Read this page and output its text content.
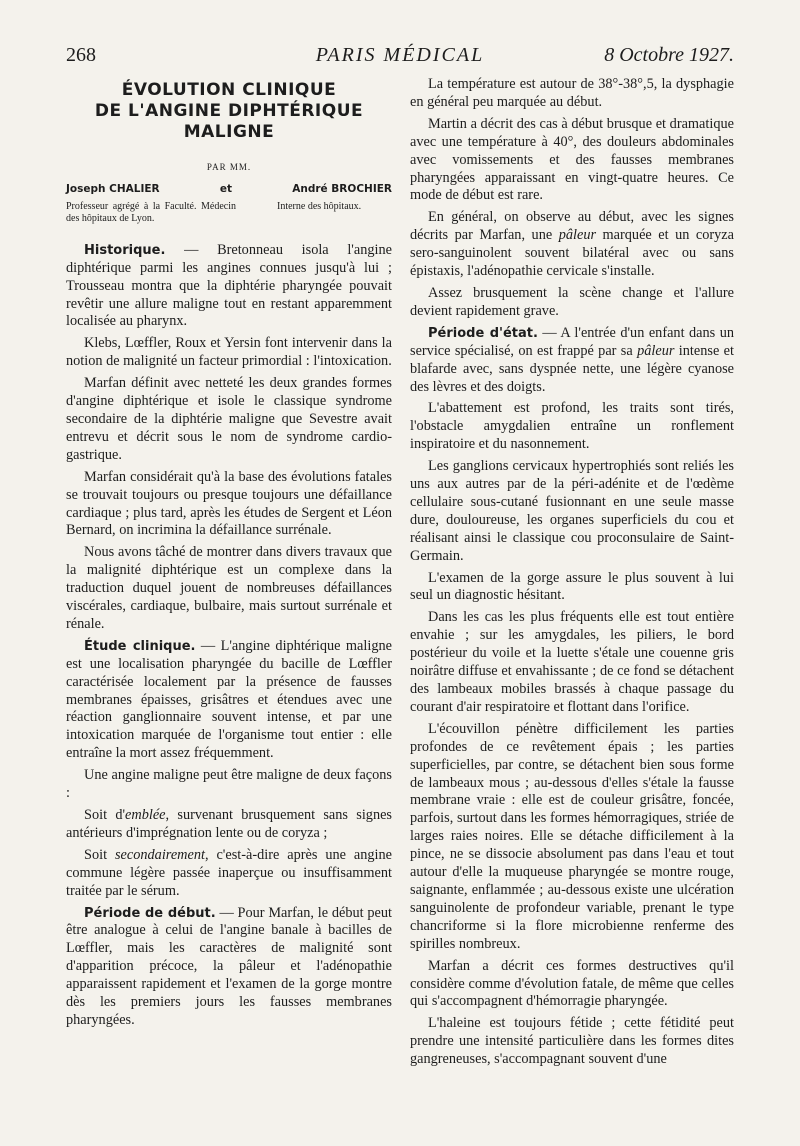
268	PARIS MÉDICAL	8 Octobre 1927.
ÉVOLUTION CLINIQUE
DE L'ANGINE DIPHTÉRIQUE
MALIGNE
PAR MM.
Joseph CHALIER	et	André BROCHIER
Professeur agrégé à la Faculté. Médecin des hôpitaux de Lyon.
Interne des hôpitaux.

Historique. — Bretonneau isola l'angine diphtérique parmi les angines connues jusqu'à lui ; Trousseau montra que la diphtérie pharyngée pouvait revêtir une allure maligne tout en restant apparemment localisée au pharynx.

Klebs, Lœffler, Roux et Yersin font intervenir dans la notion de malignité un facteur primordial : l'intoxication.

Marfan définit avec netteté les deux grandes formes d'angine diphtérique et isole le classique syndrome secondaire de la diphtérie maligne que Sevestre avait entrevu et décrit sous le nom de syndrome cardio-gastrique.

Marfan considérait qu'à la base des évolutions fatales se trouvait toujours ou presque toujours une défaillance cardiaque ; plus tard, après les études de Sergent et Léon Bernard, on incrimina la défaillance surrénale.

Nous avons tâché de montrer dans divers travaux que la malignité diphtérique est un complexe dans la traduction duquel jouent de nombreuses défaillances viscérales, cardiaque, bulbaire, mais surtout surrénale et rénale.

Étude clinique. — L'angine diphtérique maligne est une localisation pharyngée du bacille de Lœffler caractérisée localement par la présence de fausses membranes épaisses, grisâtres et étendues avec une réaction ganglionnaire souvent intense, et par une intoxication marquée de l'organisme tout entier : elle entraîne la mort assez fréquemment.

Une angine maligne peut être maligne de deux façons :

Soit d'emblée, survenant brusquement sans signes antérieurs d'imprégnation lente ou de coryza ;

Soit secondairement, c'est-à-dire après une angine commune légère passée inaperçue ou insuffisamment traitée par le sérum.

Période de début. — Pour Marfan, le début peut être analogue à celui de l'angine banale à bacilles de Lœffler, mais les caractères de malignité sont d'apparition précoce, la pâleur et l'adénopathie apparaissent rapidement et l'examen de la gorge montre dès les premiers jours les fausses membranes pharyngées.

La température est autour de 38°-38°,5, la dysphagie en général peu marquée au début.

Martin a décrit des cas à début brusque et dramatique avec une température à 40°, des douleurs abdominales avec vomissements et des fausses membranes pharyngées apparaissant en vingt-quatre heures. Ce mode de début est rare.

En général, on observe au début, avec les signes décrits par Marfan, une pâleur marquée et un coryza sero-sanguinolent souvent bilatéral avec ou sans épistaxis, l'adénopathie cervicale s'installe.

Assez brusquement la scène change et l'allure devient rapidement grave.

Période d'état. — A l'entrée d'un enfant dans un service spécialisé, on est frappé par sa pâleur intense et blafarde avec, sans dyspnée nette, une légère cyanose des lèvres et des doigts.

L'abattement est profond, les traits sont tirés, l'obstacle amygdalien entraîne un ronflement inspiratoire et du nasonnement.

Les ganglions cervicaux hypertrophiés sont reliés les uns aux autres par de la péri-adénite et de l'œdème cellulaire sous-cutané fusionnant en une seule masse dure, douloureuse, les organes superficiels du cou et réalisant ainsi le classique cou proconsulaire de Saint-Germain.

L'examen de la gorge assure le plus souvent à lui seul un diagnostic hésitant.

Dans les cas les plus fréquents elle est tout entière envahie ; sur les amygdales, les piliers, le bord postérieur du voile et la luette s'étale une couenne gris noirâtre diffuse et envahissante ; de ce fond se détachent des lambeaux mobiles brassés à chaque passage du courant d'air respiratoire et flottant dans l'orifice.

L'écouvillon pénètre difficilement les parties profondes de ce revêtement épais ; les parties superficielles, par contre, se détachent bien sous forme de lambeaux mous ; au-dessous d'elles s'étale la fausse membrane vraie : elle est de couleur grisâtre, foncée, parfois, surtout dans les formes hémorragiques, striée de larges raies noires. Elle se détache difficilement à la pince, ne se dissocie absolument pas dans l'eau et tout autour d'elle la muqueuse pharyngée se montre rouge, saignante, enflammée ; au-dessous existe une ulcération sanguinolente de profondeur variable, prenant le type chancriforme si la flore microbienne renferme des spirilles nombreux.

Marfan a décrit ces formes destructives qu'il considère comme d'évolution fatale, de même que celles qui s'accompagnent d'hémorragie pharyngée.

L'haleine est toujours fétide ; cette fétidité peut prendre une intensité particulière dans les formes dites gangreneuses, s'accompagnant souvent d'une
